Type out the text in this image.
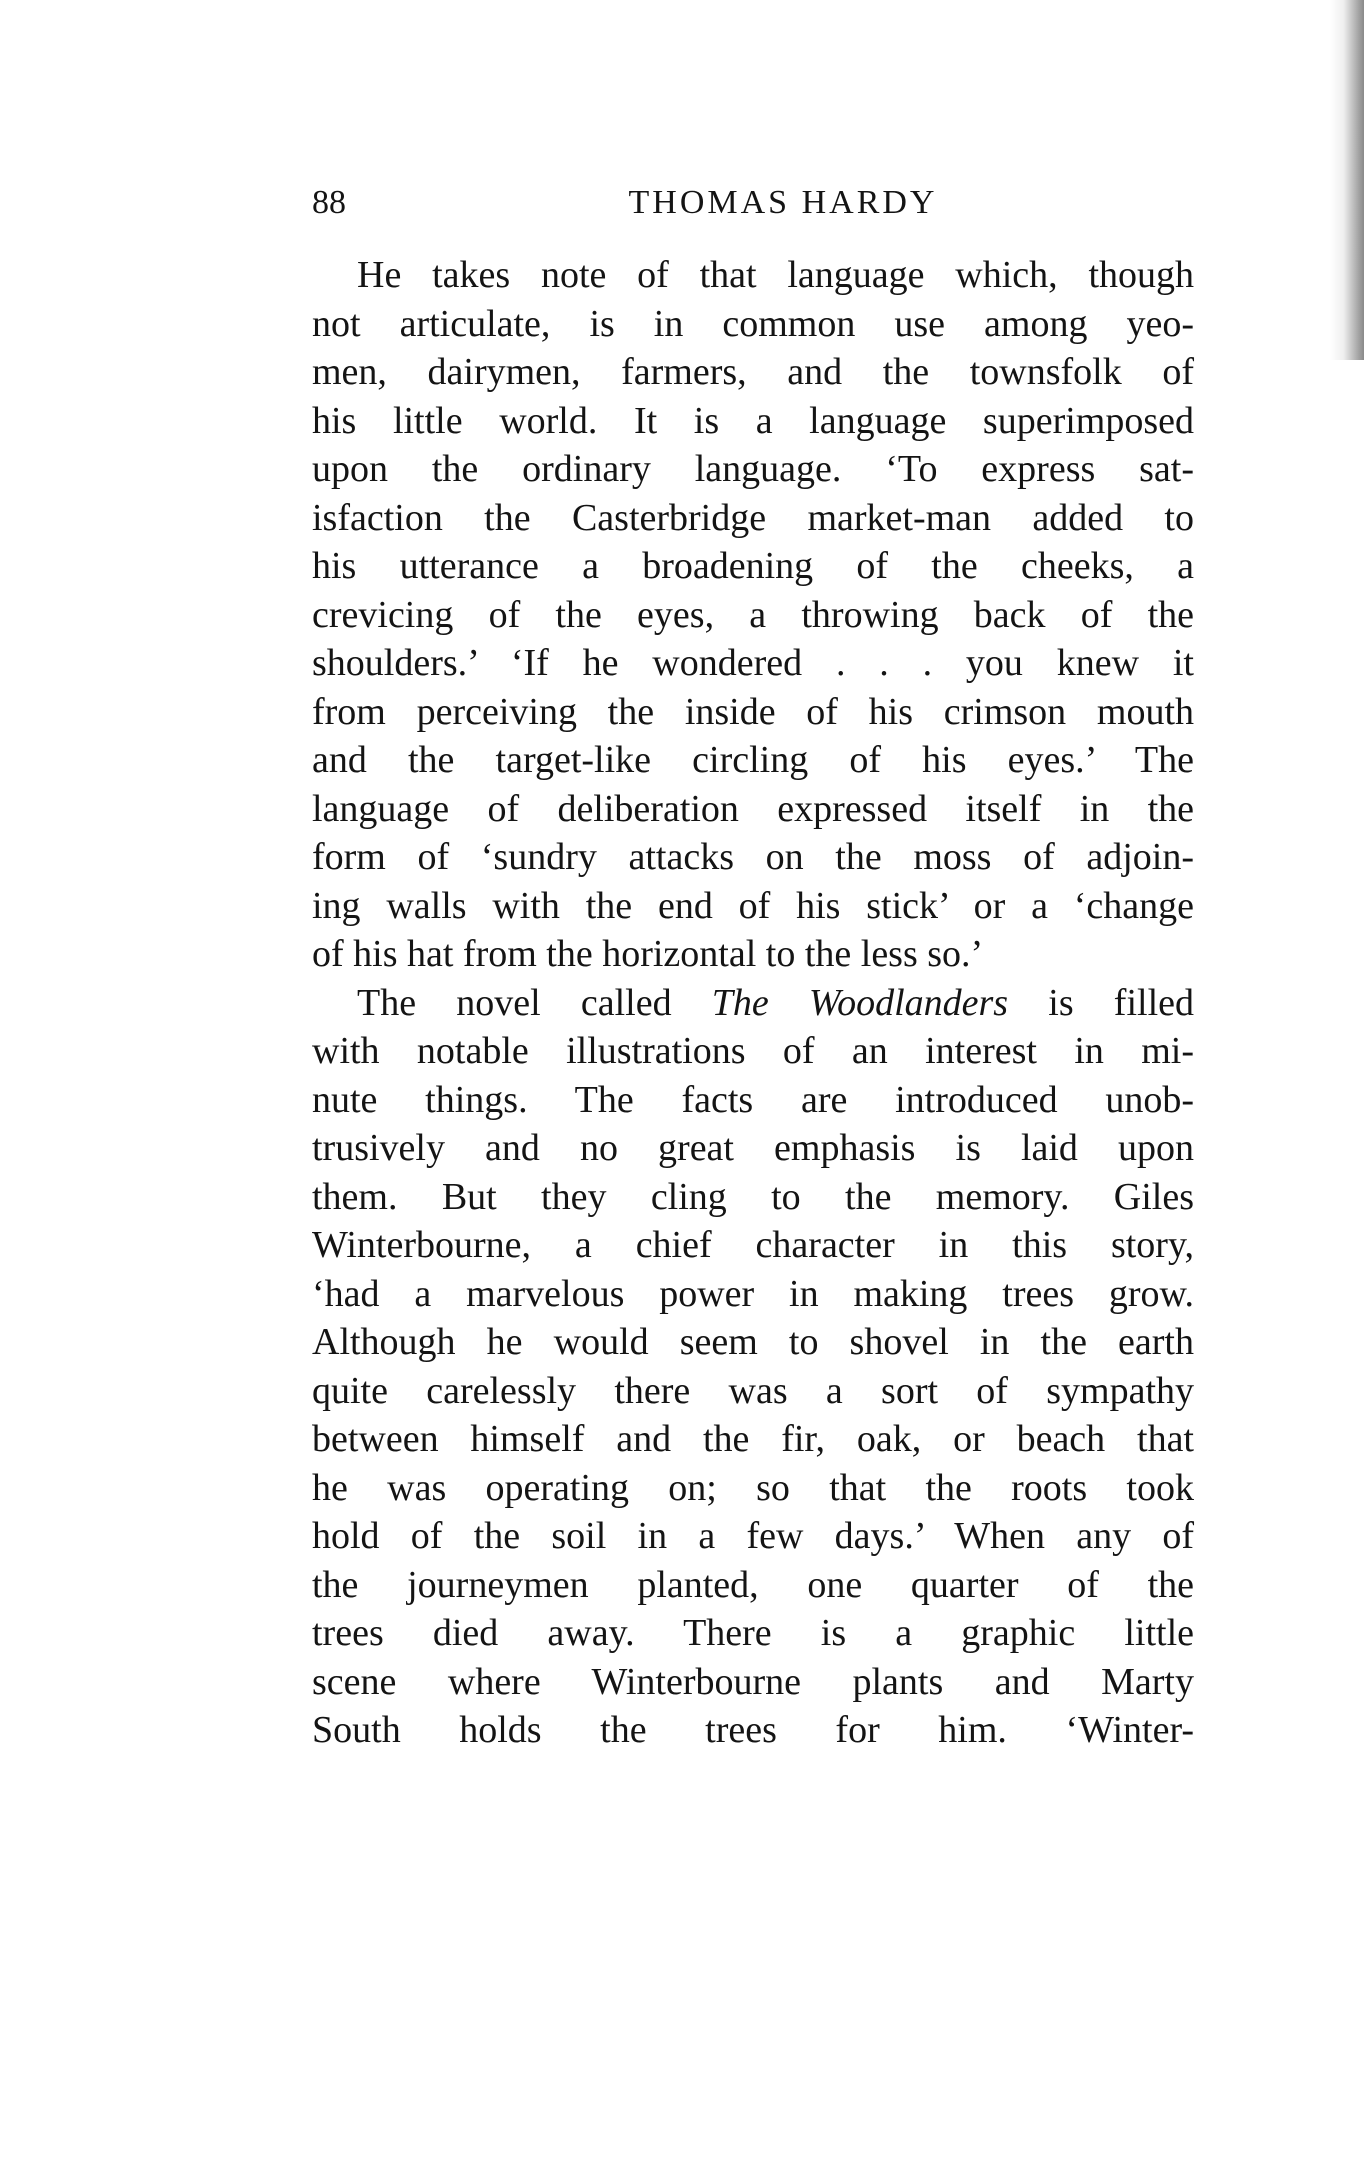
88	THOMAS HARDY
He takes note of that language which, though
not articulate, is in common use among yeo-
men, dairymen, farmers, and the townsfolk of
his little world. It is a language superimposed
upon the ordinary language. ‘To express sat-
isfaction the Casterbridge market-man added to
his utterance a broadening of the cheeks, a
crevicing of the eyes, a throwing back of the
shoulders.’ ‘If he wondered . . . you knew it
from perceiving the inside of his crimson mouth
and the target-like circling of his eyes.’ The
language of deliberation expressed itself in the
form of ‘sundry attacks on the moss of adjoin-
ing walls with the end of his stick’ or a ‘change
of his hat from the horizontal to the less so.’
The novel called The Woodlanders is filled
with notable illustrations of an interest in mi-
nute things. The facts are introduced unob-
trusively and no great emphasis is laid upon
them. But they cling to the memory. Giles
Winterbourne, a chief character in this story,
‘had a marvelous power in making trees grow.
Although he would seem to shovel in the earth
quite carelessly there was a sort of sympathy
between himself and the fir, oak, or beach that
he was operating on; so that the roots took
hold of the soil in a few days.’ When any of
the journeymen planted, one quarter of the
trees died away. There is a graphic little
scene where Winterbourne plants and Marty
South holds the trees for him. ‘Winter-
